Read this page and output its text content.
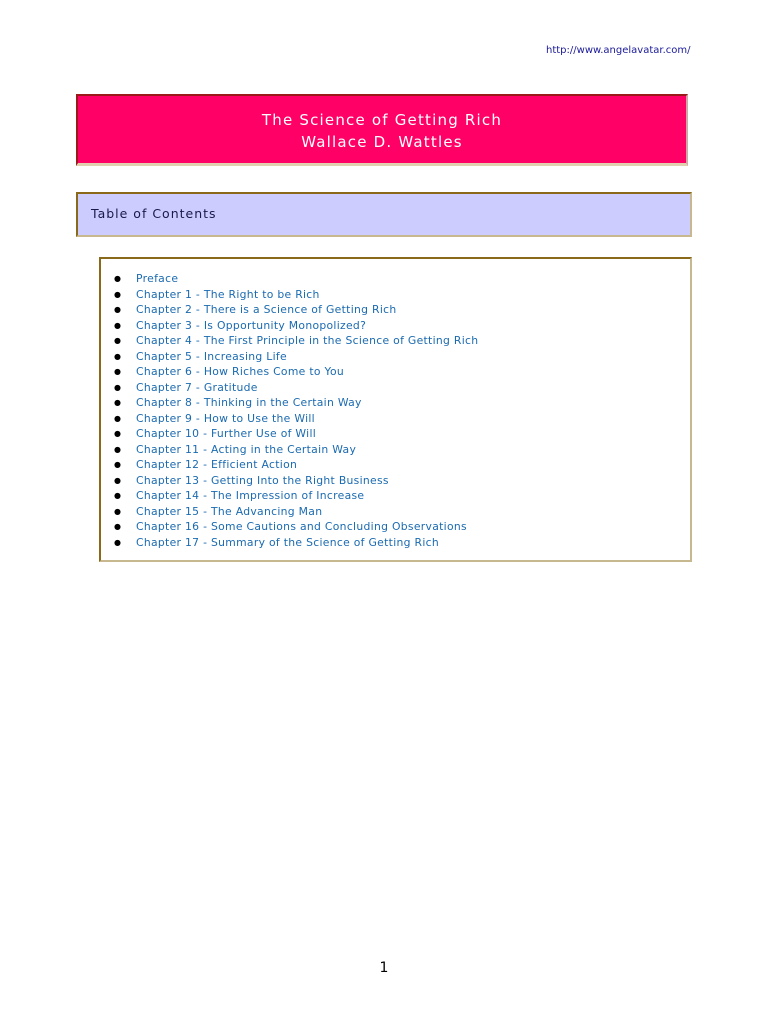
http://www.angelavatar.com/
The Science of Getting Rich
Wallace D. Wattles
Table of Contents
● Preface
● Chapter 1 - The Right to be Rich
● Chapter 2 - There is a Science of Getting Rich
● Chapter 3 - Is Opportunity Monopolized?
● Chapter 4 - The First Principle in the Science of Getting Rich
● Chapter 5 - Increasing Life
● Chapter 6 - How Riches Come to You
● Chapter 7 - Gratitude
● Chapter 8 - Thinking in the Certain Way
● Chapter 9 - How to Use the Will
● Chapter 10 - Further Use of Will
● Chapter 11 - Acting in the Certain Way
● Chapter 12 - Efficient Action
● Chapter 13 - Getting Into the Right Business
● Chapter 14 - The Impression of Increase
● Chapter 15 - The Advancing Man
● Chapter 16 - Some Cautions and Concluding Observations
● Chapter 17 - Summary of the Science of Getting Rich
1
